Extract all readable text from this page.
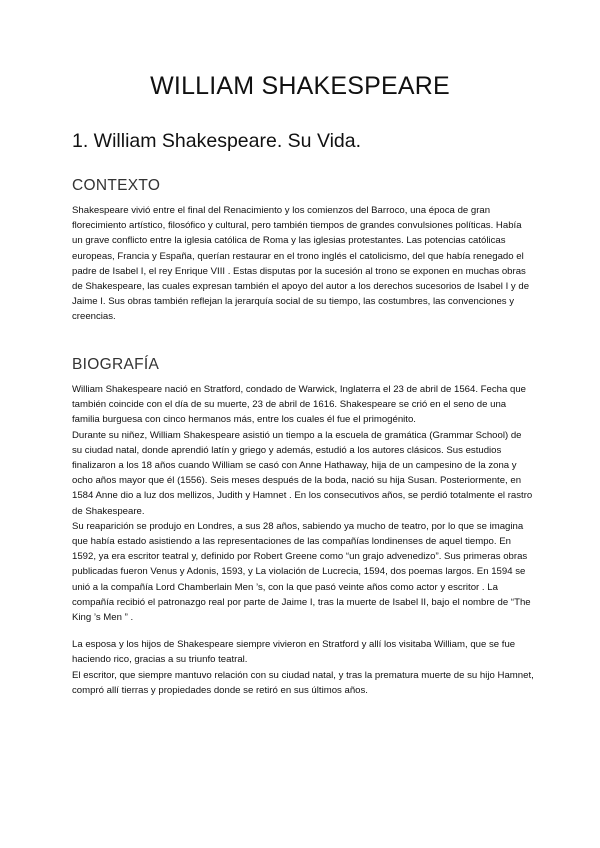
WILLIAM SHAKESPEARE
1. William Shakespeare. Su Vida.
CONTEXTO

Shakespeare vivió entre el final del Renacimiento y los comienzos del Barroco, una época de gran florecimiento artístico, filosófico y cultural, pero también tiempos de grandes convulsiones políticas. Había un grave conflicto entre la iglesia católica de Roma y las iglesias protestantes. Las potencias católicas europeas, Francia y España, querían restaurar en el trono inglés el catolicismo, del que había renegado el padre de Isabel I, el rey Enrique VIII . Estas disputas por la sucesión al trono se exponen en muchas obras de Shakespeare, las cuales expresan también el apoyo del autor a los derechos sucesorios de Isabel I y de Jaime I. Sus obras también reflejan la jerarquía social de su tiempo, las costumbres, las convenciones y creencias.

BIOGRAFÍA

William Shakespeare nació en Stratford, condado de Warwick, Inglaterra el 23 de abril de 1564. Fecha que también coincide con el día de su muerte, 23 de abril de 1616. Shakespeare se crió en el seno de una familia burguesa con cinco hermanos más, entre los cuales él fue el primogénito.

Durante su niñez, William Shakespeare asistió un tiempo a la escuela de gramática (Grammar School) de su ciudad natal, donde aprendió latín y griego y además, estudió a los autores clásicos. Sus estudios finalizaron a los 18 años cuando William se casó con Anne Hathaway, hija de un campesino de la zona y ocho años mayor que él (1556). Seis meses después de la boda, nació su hija Susan. Posteriormente, en 1584 Anne dio a luz dos mellizos, Judith y Hamnet . En los consecutivos años, se perdió totalmente el rastro de Shakespeare.

Su reaparición se produjo en Londres, a sus 28 años, sabiendo ya mucho de teatro, por lo que se imagina que había estado asistiendo a las representaciones de las compañías londinenses de aquel tiempo. En 1592, ya era escritor teatral y, definido por Robert Greene como “un grajo advenedizo”. Sus primeras obras publicadas fueron Venus y Adonis, 1593, y La violación de Lucrecia, 1594, dos poemas largos. En 1594 se unió a la compañía Lord Chamberlain Men ’s, con la que pasó veinte años como actor y escritor . La compañía recibió el patronazgo real por parte de Jaime I, tras la muerte de Isabel II, bajo el nombre de “The King ’s Men ” .

La esposa y los hijos de Shakespeare siempre vivieron en Stratford y allí los visitaba William, que se fue haciendo rico, gracias a su triunfo teatral.

El escritor, que siempre mantuvo relación con su ciudad natal, y tras la prematura muerte de su hijo Hamnet, compró allí tierras y propiedades donde se retiró en sus últimos años.
